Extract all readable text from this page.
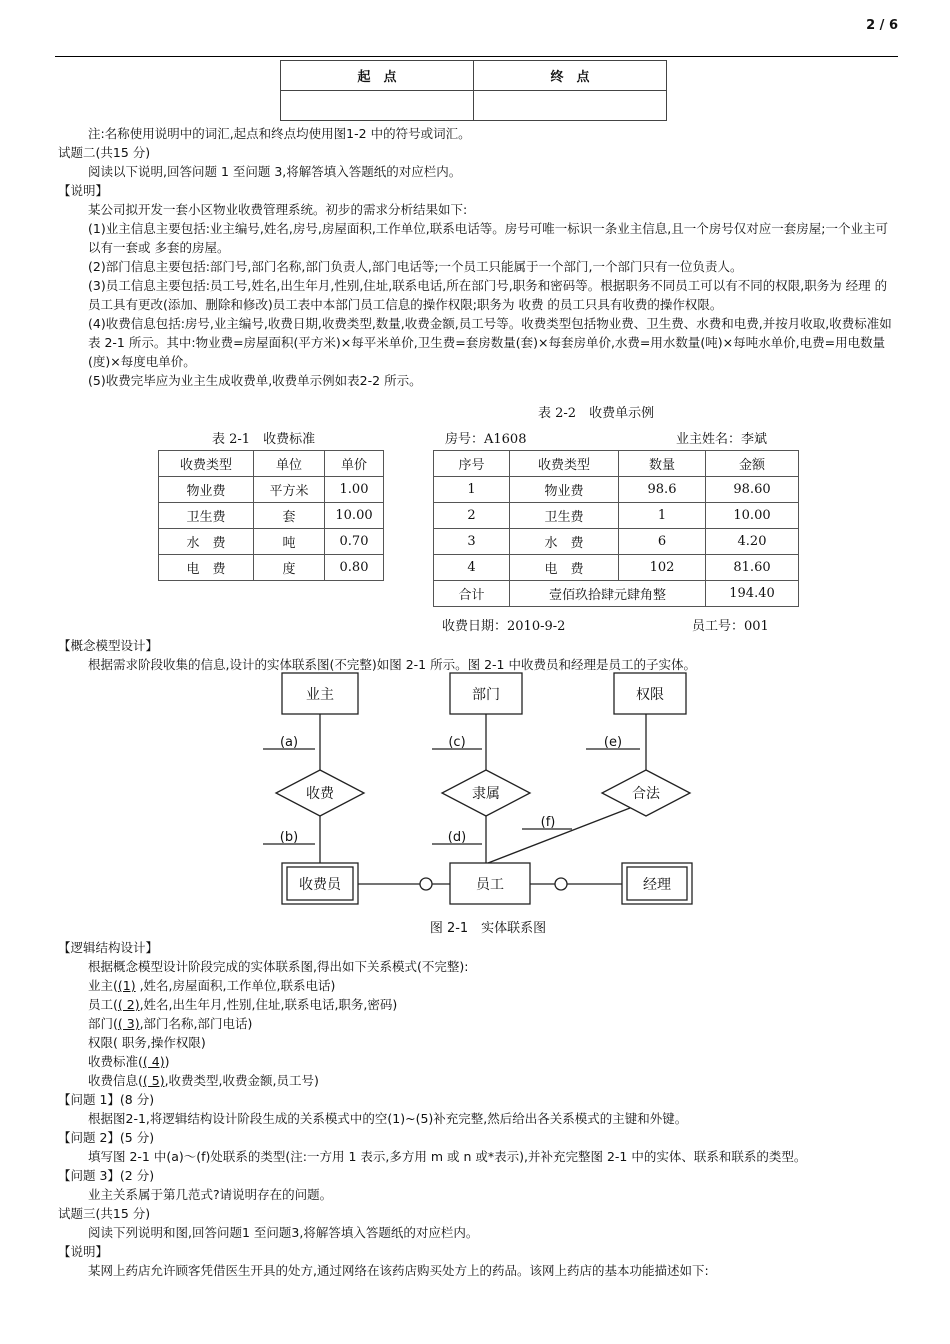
2 / 6
起　点	终　点

注:名称使用说明中的词汇,起点和终点均使用图1-2 中的符号或词汇。
试题二(共15 分)
阅读以下说明,回答问题 1 至问题 3,将解答填入答题纸的对应栏内。
【说明】
某公司拟开发一套小区物业收费管理系统。初步的需求分析结果如下:
(1)业主信息主要包括:业主编号,姓名,房号,房屋面积,工作单位,联系电话等。房号可唯一标识一条业主信息,且一个房号仅对应一套房屋;一个业主可以有一套或 多套的房屋。
(2)部门信息主要包括:部门号,部门名称,部门负责人,部门电话等;一个员工只能属于一个部门,一个部门只有一位负责人。
(3)员工信息主要包括:员工号,姓名,出生年月,性别,住址,联系电话,所在部门号,职务和密码等。根据职务不同员工可以有不同的权限,职务为 经理 的员工具有更改(添加、删除和修改)员工表中本部门员工信息的操作权限;职务为 收费 的员工只具有收费的操作权限。
(4)收费信息包括:房号,业主编号,收费日期,收费类型,数量,收费金额,员工号等。收费类型包括物业费、卫生费、水费和电费,并按月收取,收费标准如表 2-1 所示。其中:物业费=房屋面积(平方米)×每平米单价,卫生费=套房数量(套)×每套房单价,水费=用水数量(吨)×每吨水单价,电费=用电数量(度)×每度电单价。
(5)收费完毕应为业主生成收费单,收费单示例如表2-2 所示。
表 2-1　收费标准
收费类型	单位	单价
物业费	平方米	1.00
卫生费	套	10.00
水　费	吨	0.70
电　费	度	0.80
表 2-2　收费单示例
房号：A1608	业主姓名：李斌
序号	收费类型	数量	金额
1	物业费	98.6	98.60
2	卫生费	1	10.00
3	水　费	6	4.20
4	电　费	102	81.60
合计	壹佰玖拾肆元肆角整		194.40
收费日期：2010-9-2	员工号：001
【概念模型设计】
根据需求阶段收集的信息,设计的实体联系图(不完整)如图 2-1 所示。图 2-1 中收费员和经理是员工的子实体。
业主	部门	权限
收费员	员工	经理
收费	隶属	合法
(a)
(b)
(c)
(d)
(e)
(f)
图 2-1　实体联系图
【逻辑结构设计】
根据概念模型设计阶段完成的实体联系图,得出如下关系模式(不完整):
业主((1) ,姓名,房屋面积,工作单位,联系电话)
员工(( 2),姓名,出生年月,性别,住址,联系电话,职务,密码)
部门(( 3),部门名称,部门电话)
权限( 职务,操作权限)
收费标准(( 4))
收费信息(( 5),收费类型,收费金额,员工号)
【问题 1】(8 分)
根据图2-1,将逻辑结构设计阶段生成的关系模式中的空(1)~(5)补充完整,然后给出各关系模式的主键和外键。
【问题 2】(5 分)
填写图 2-1 中(a)～(f)处联系的类型(注:一方用 1 表示,多方用 m 或 n 或*表示),并补充完整图 2-1 中的实体、联系和联系的类型。
【问题 3】(2 分)
业主关系属于第几范式?请说明存在的问题。
试题三(共15 分)
阅读下列说明和图,回答问题1 至问题3,将解答填入答题纸的对应栏内。
【说明】
某网上药店允许顾客凭借医生开具的处方,通过网络在该药店购买处方上的药品。该网上药店的基本功能描述如下:
